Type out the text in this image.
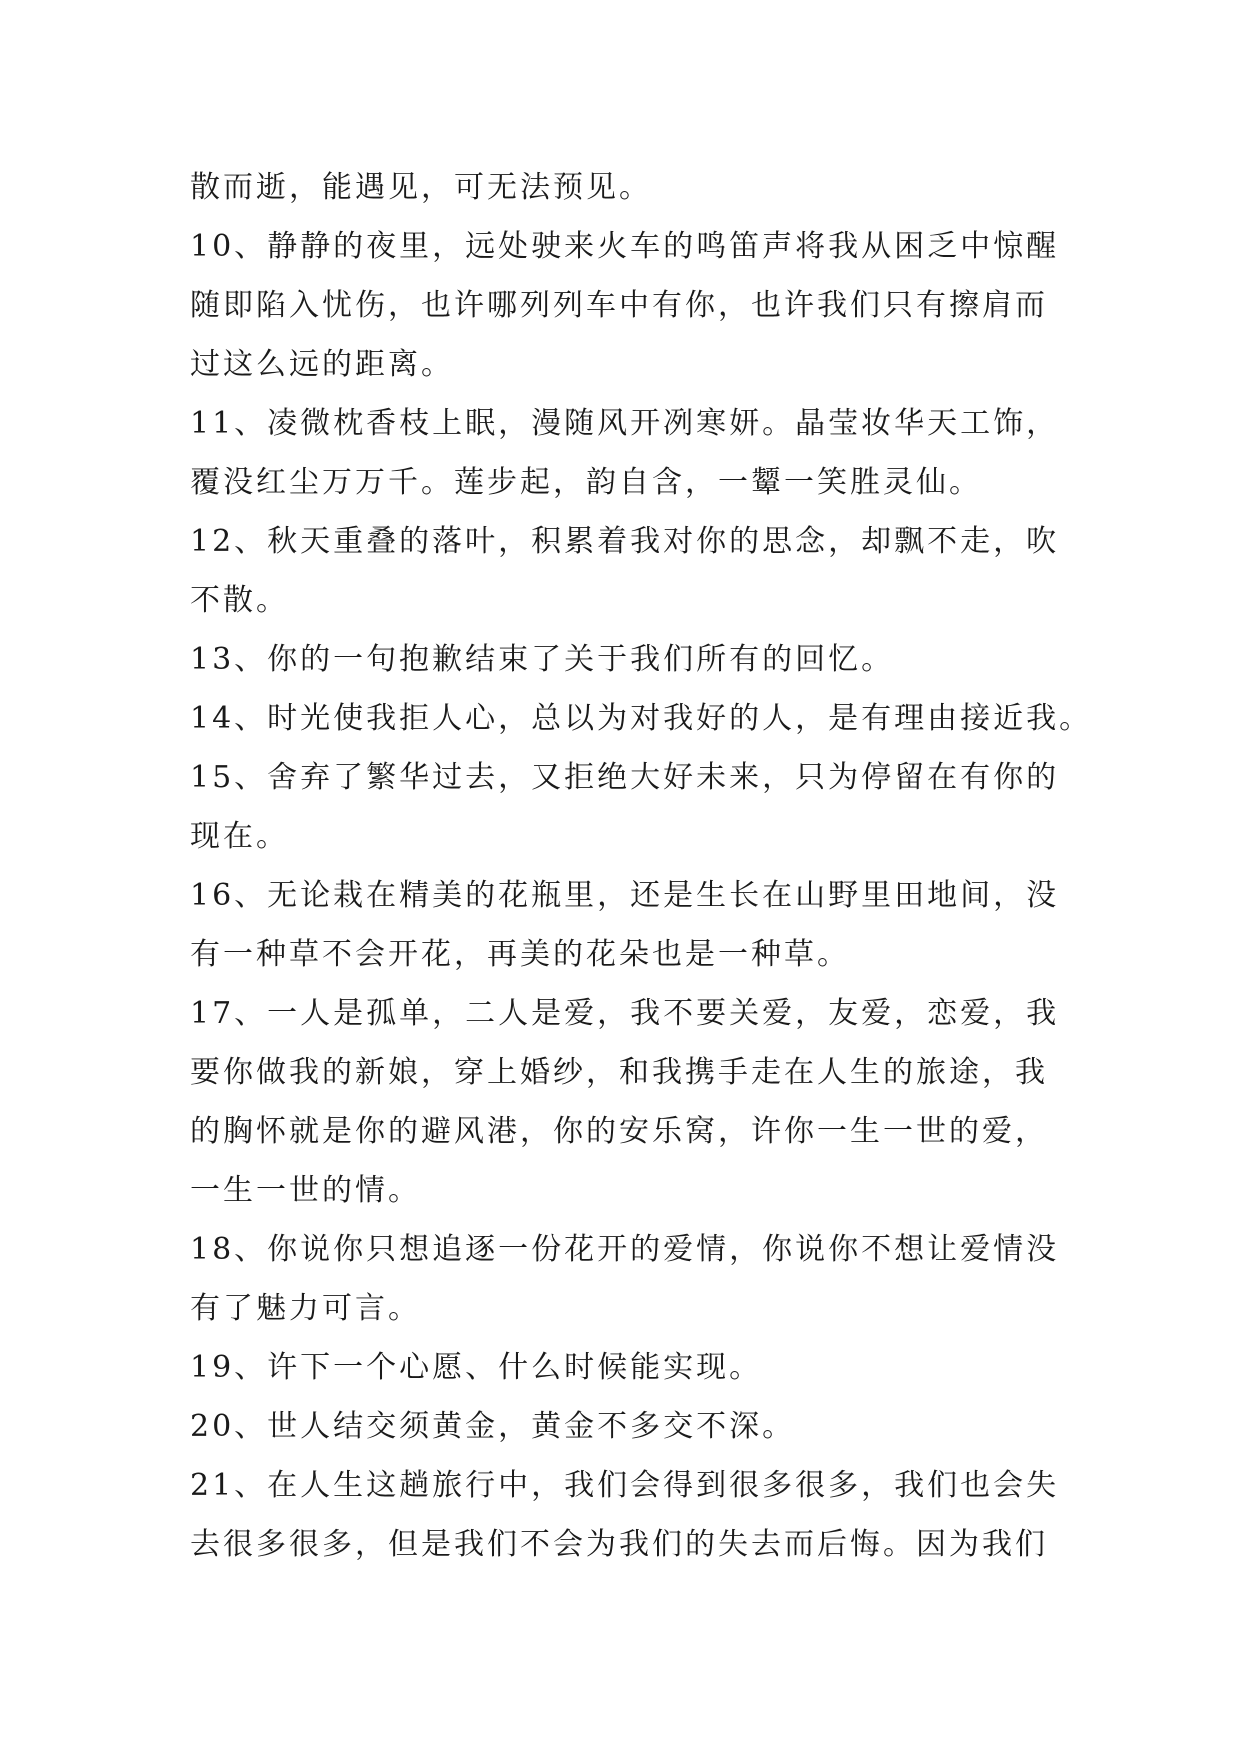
散而逝，能遇见，可无法预见。
10、静静的夜里，远处驶来火车的鸣笛声将我从困乏中惊醒
随即陷入忧伤，也许哪列列车中有你，也许我们只有擦肩而
过这么远的距离。
11、凌微枕香枝上眠，漫随风开冽寒妍。晶莹妆华天工饰，
覆没红尘万万千。莲步起，韵自含，一颦一笑胜灵仙。
12、秋天重叠的落叶，积累着我对你的思念，却飘不走，吹
不散。
13、你的一句抱歉结束了关于我们所有的回忆。
14、时光使我拒人心，总以为对我好的人，是有理由接近我。
15、舍弃了繁华过去，又拒绝大好未来，只为停留在有你的
现在。
16、无论栽在精美的花瓶里，还是生长在山野里田地间，没
有一种草不会开花，再美的花朵也是一种草。
17、一人是孤单，二人是爱，我不要关爱，友爱，恋爱，我
要你做我的新娘，穿上婚纱，和我携手走在人生的旅途，我
的胸怀就是你的避风港，你的安乐窝，许你一生一世的爱，
一生一世的情。
18、你说你只想追逐一份花开的爱情，你说你不想让爱情没
有了魅力可言。
19、许下一个心愿、什么时候能实现。
20、世人结交须黄金，黄金不多交不深。
21、在人生这趟旅行中，我们会得到很多很多，我们也会失
去很多很多，但是我们不会为我们的失去而后悔。因为我们
